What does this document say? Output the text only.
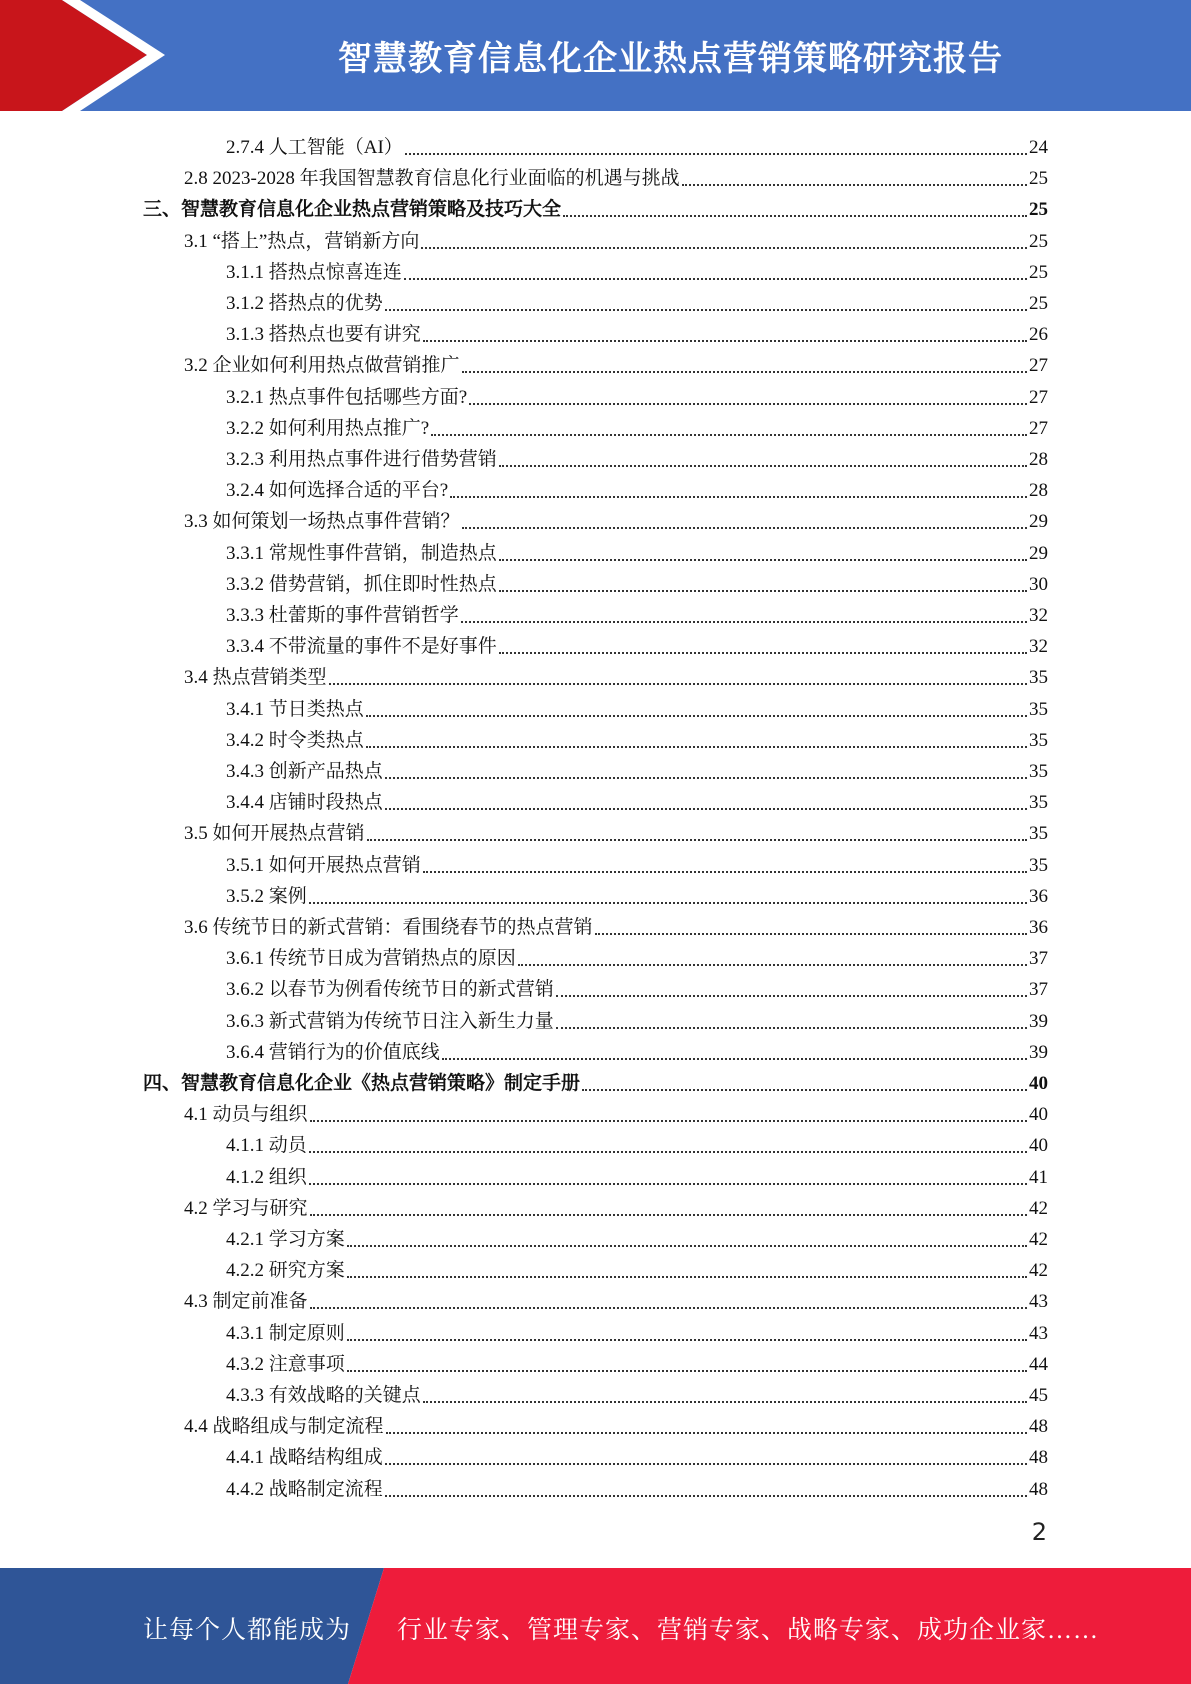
智慧教育信息化企业热点营销策略研究报告
2.7.4 人工智能（AI）	24
2.8 2023-2028 年我国智慧教育信息化行业面临的机遇与挑战	25
三、智慧教育信息化企业热点营销策略及技巧大全	25
3.1 “搭上”热点，营销新方向	25
3.1.1 搭热点惊喜连连	25
3.1.2 搭热点的优势	25
3.1.3 搭热点也要有讲究	26
3.2 企业如何利用热点做营销推广	27
3.2.1 热点事件包括哪些方面?	27
3.2.2 如何利用热点推广?	27
3.2.3 利用热点事件进行借势营销	28
3.2.4 如何选择合适的平台?	28
3.3 如何策划一场热点事件营销？	29
3.3.1 常规性事件营销，制造热点	29
3.3.2 借势营销，抓住即时性热点	30
3.3.3 杜蕾斯的事件营销哲学	32
3.3.4 不带流量的事件不是好事件	32
3.4 热点营销类型	35
3.4.1 节日类热点	35
3.4.2 时令类热点	35
3.4.3 创新产品热点	35
3.4.4 店铺时段热点	35
3.5 如何开展热点营销	35
3.5.1 如何开展热点营销	35
3.5.2 案例	36
3.6 传统节日的新式营销：看围绕春节的热点营销	36
3.6.1 传统节日成为营销热点的原因	37
3.6.2 以春节为例看传统节日的新式营销	37
3.6.3 新式营销为传统节日注入新生力量	39
3.6.4 营销行为的价值底线	39
四、智慧教育信息化企业《热点营销策略》制定手册	40
4.1 动员与组织	40
4.1.1 动员	40
4.1.2 组织	41
4.2 学习与研究	42
4.2.1 学习方案	42
4.2.2 研究方案	42
4.3 制定前准备	43
4.3.1 制定原则	43
4.3.2 注意事项	44
4.3.3 有效战略的关键点	45
4.4 战略组成与制定流程	48
4.4.1 战略结构组成	48
4.4.2 战略制定流程	48
2
让每个人都能成为 行业专家、管理专家、营销专家、战略专家、成功企业家……
